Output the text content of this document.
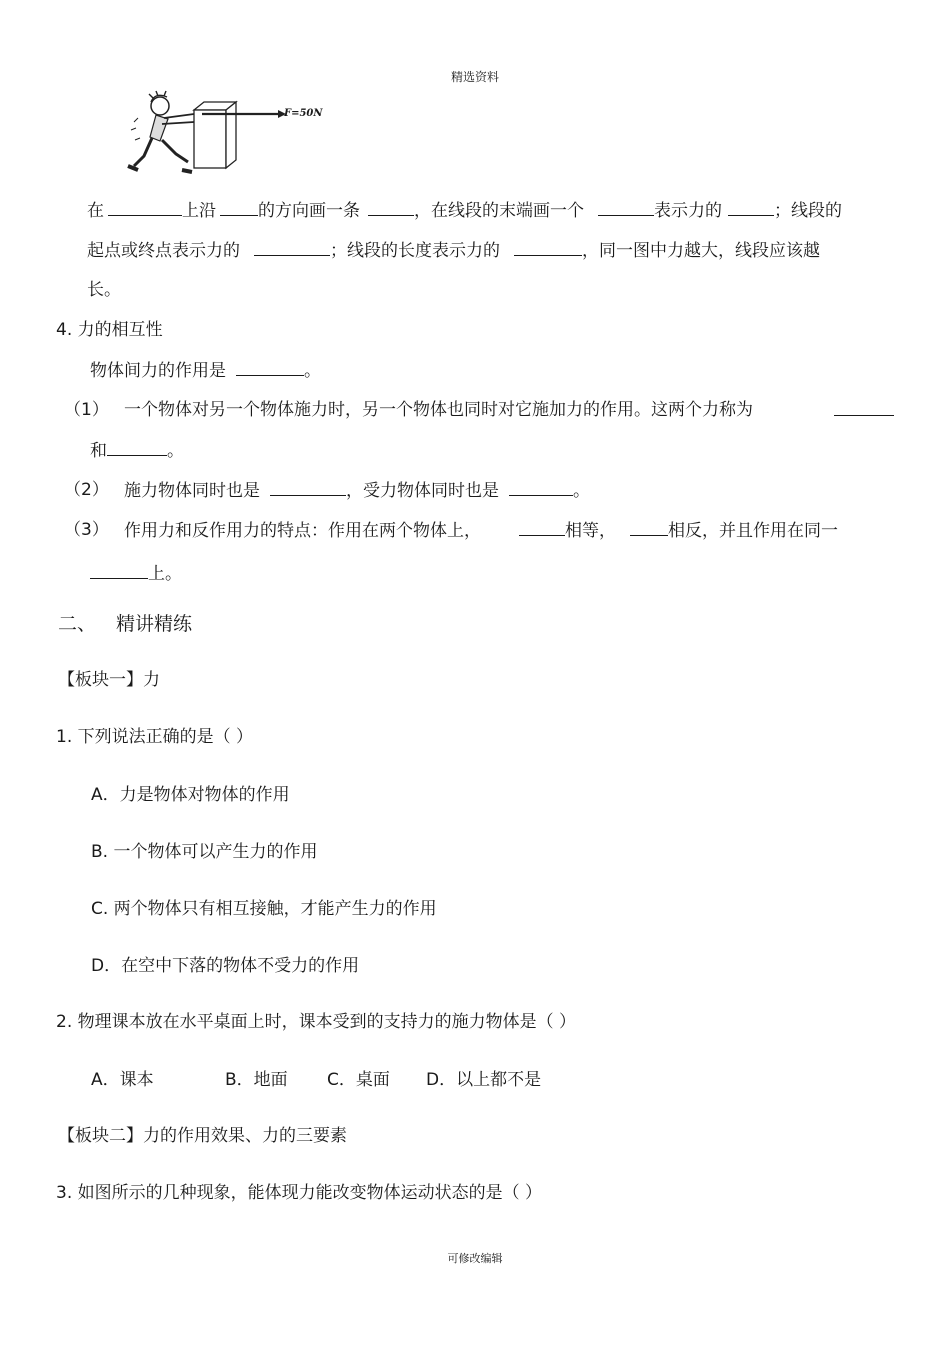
精选资料
F=50N
在	上沿 的方向画一条	，在线段的末端画一个	表示力的	；线段的
起点或终点表示力的	；线段的长度表示力的	，同一图中力越大，线段应该越
长。
4. 力的相互性
物体间力的作用是	。
（1） 一个物体对另一个物体施力时，另一个物体也同时对它施加力的作用。这两个力称为
和	。
（2） 施力物体同时也是	，受力物体同时也是	。
（3） 作用力和反作用力的特点：作用在两个物体上，	相等，	相反，并且作用在同一
上。
二、 精讲精练
【板块一】力
1. 下列说法正确的是（ ）
A．力是物体对物体的作用
B. 一个物体可以产生力的作用
C. 两个物体只有相互接触，才能产生力的作用
D．在空中下落的物体不受力的作用
2. 物理课本放在水平桌面上时，课本受到的支持力的施力物体是（ ）
A．课本	B．地面 C．桌面 D．以上都不是
【板块二】力的作用效果、力的三要素
3. 如图所示的几种现象，能体现力能改变物体运动状态的是（ ）
可修改编辑
